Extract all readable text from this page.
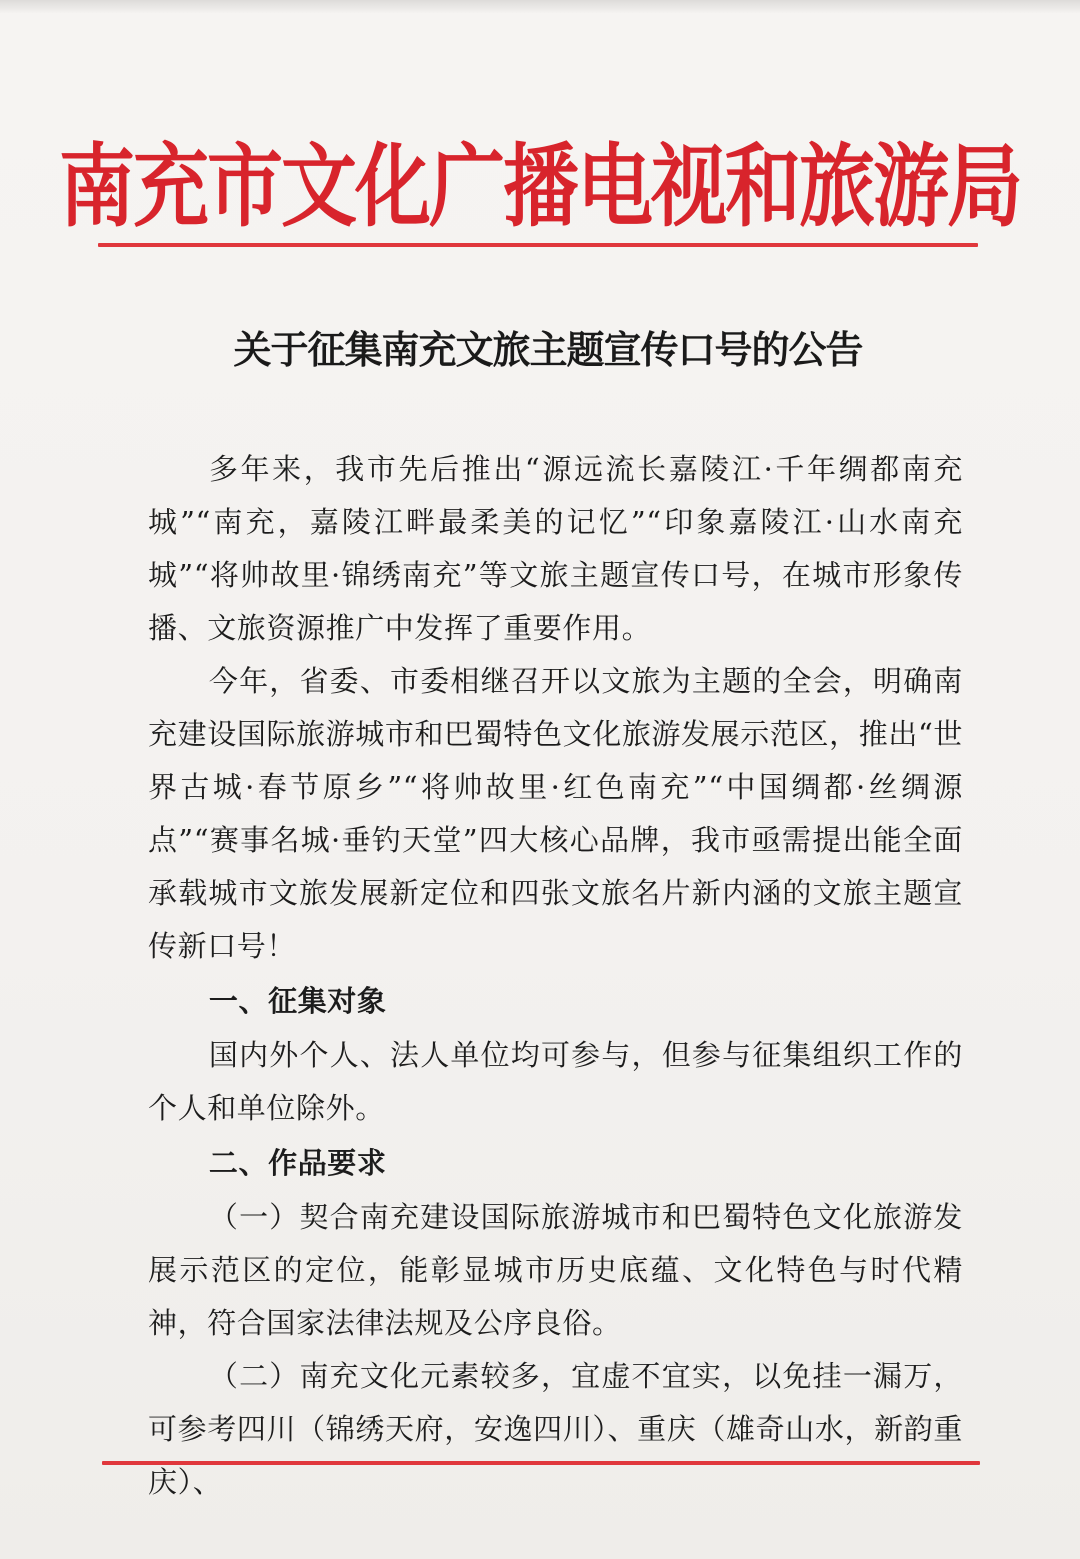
南充市文化广播电视和旅游局
关于征集南充文旅主题宣传口号的公告

多年来，我市先后推出“源远流长嘉陵江·千年绸都南充城”“南充，嘉陵江畔最柔美的记忆”“印象嘉陵江·山水南充城”“将帅故里·锦绣南充”等文旅主题宣传口号，在城市形象传播、文旅资源推广中发挥了重要作用。

今年，省委、市委相继召开以文旅为主题的全会，明确南充建设国际旅游城市和巴蜀特色文化旅游发展示范区，推出“世界古城·春节原乡”“将帅故里·红色南充”“中国绸都·丝绸源点”“赛事名城·垂钓天堂”四大核心品牌，我市亟需提出能全面承载城市文旅发展新定位和四张文旅名片新内涵的文旅主题宣传新口号！

一、征集对象

国内外个人、法人单位均可参与，但参与征集组织工作的个人和单位除外。

二、作品要求

（一）契合南充建设国际旅游城市和巴蜀特色文化旅游发展示范区的定位，能彰显城市历史底蕴、文化特色与时代精神，符合国家法律法规及公序良俗。

（二）南充文化元素较多，宜虚不宜实，以免挂一漏万，可参考四川（锦绣天府，安逸四川）、重庆（雄奇山水，新韵重庆）、
